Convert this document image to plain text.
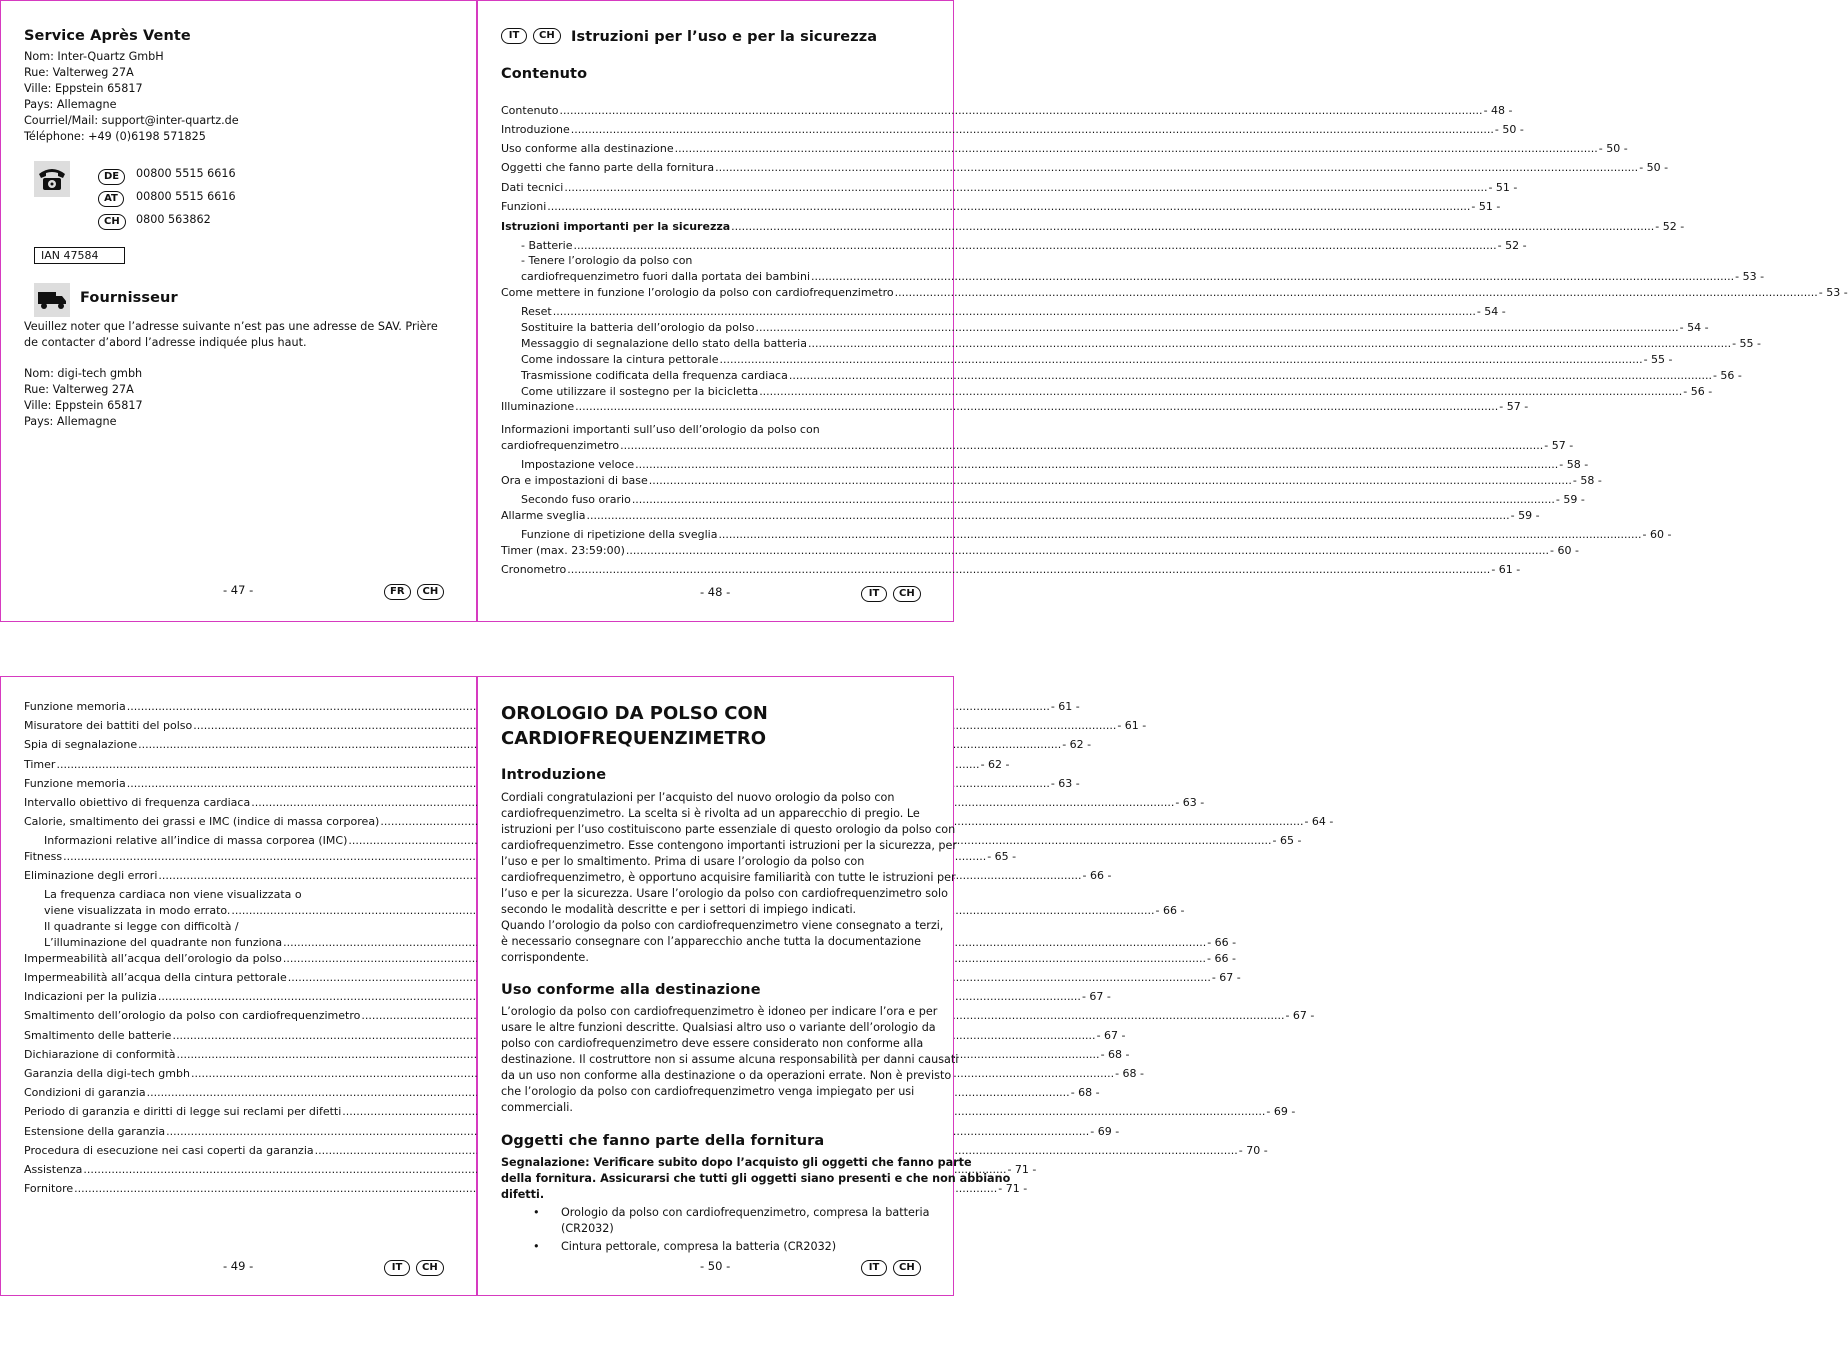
Service Après Vente
Nom: Inter-Quartz GmbH
Rue: Valterweg 27A
Ville: Eppstein 65817
Pays: Allemagne
Courriel/Mail: support@inter-quartz.de
Téléphone: +49 (0)6198 571825
DE 00800 5515 6616
AT 00800 5515 6616
CH 0800 563862
IAN 47584
Fournisseur
Veuillez noter que l’adresse suivante n’est pas une adresse de SAV. Prière de contacter d’abord l’adresse indiquée plus haut.
Nom: digi-tech gmbh
Rue: Valterweg 27A
Ville: Eppstein 65817
Pays: Allemagne
- 47 -	FR	CH
IT	CH	Istruzioni per l’uso e per la sicurezza
Contenuto
Contenuto .....	- 48 -
Introduzione .....	- 50 -
Uso conforme alla destinazione .....	- 50 -
Oggetti che fanno parte della fornitura .....	- 50 -
Dati tecnici .....	- 51 -
Funzioni .....	- 51 -
Istruzioni importanti per la sicurezza .....	- 52 -
- Batterie .....	- 52 -
- Tenere l’orologio da polso con
cardiofrequenzimetro fuori dalla portata dei bambini .....	- 53 -
Come mettere in funzione l’orologio da polso con cardiofrequenzimetro .....	- 53 -
Reset .....	- 54 -
Sostituire la batteria dell’orologio da polso .....	- 54 -
Messaggio di segnalazione dello stato della batteria .....	- 55 -
Come indossare la cintura pettorale .....	- 55 -
Trasmissione codificata della frequenza cardiaca .....	- 56 -
Come utilizzare il sostegno per la bicicletta .....	- 56 -
Illuminazione .....	- 57 -
Informazioni importanti sull’uso dell’orologio da polso con
cardiofrequenzimetro .....	- 57 -
Impostazione veloce .....	- 58 -
Ora e impostazioni di base .....	- 58 -
Secondo fuso orario .....	- 59 -
Allarme sveglia .....	- 59 -
Funzione di ripetizione della sveglia .....	- 60 -
Timer (max. 23:59:00) .....	- 60 -
Cronometro .....	- 61 -
- 48 -	IT	CH
Funzione memoria .....	- 61 -
Misuratore dei battiti del polso .....	- 61 -
Spia di segnalazione .....	- 62 -
Timer .....	- 62 -
Funzione memoria .....	- 63 -
Intervallo obiettivo di frequenza cardiaca .....	- 63 -
Calorie, smaltimento dei grassi e IMC (indice di massa corporea) .....	- 64 -
Informazioni relative all’indice di massa corporea (IMC) .....	- 65 -
Fitness .....	- 65 -
Eliminazione degli errori .....	- 66 -
La frequenza cardiaca non viene visualizzata o
viene visualizzata in modo errato. .....	- 66 -
Il quadrante si legge con difficoltà /
L’illuminazione del quadrante non funziona .....	- 66 -
Impermeabilità all’acqua dell’orologio da polso .....	- 66 -
Impermeabilità all’acqua della cintura pettorale .....	- 67 -
Indicazioni per la pulizia .....	- 67 -
Smaltimento dell’orologio da polso con cardiofrequenzimetro .....	- 67 -
Smaltimento delle batterie .....	- 67 -
Dichiarazione di conformità .....	- 68 -
Garanzia della digi-tech gmbh .....	- 68 -
Condizioni di garanzia .....	- 68 -
Periodo di garanzia e diritti di legge sui reclami per difetti .....	- 69 -
Estensione della garanzia .....	- 69 -
Procedura di esecuzione nei casi coperti da garanzia .....	- 70 -
Assistenza .....	- 71 -
Fornitore .....	- 71 -
- 49 -	IT	CH
OROLOGIO DA POLSO CON
CARDIOFREQUENZIMETRO
Introduzione
Cordiali congratulazioni per l’acquisto del nuovo orologio da polso con
cardiofrequenzimetro. La scelta si è rivolta ad un apparecchio di pregio. Le
istruzioni per l’uso costituiscono parte essenziale di questo orologio da polso con
cardiofrequenzimetro. Esse contengono importanti istruzioni per la sicurezza, per
l’uso e per lo smaltimento. Prima di usare l’orologio da polso con
cardiofrequenzimetro, è opportuno acquisire familiarità con tutte le istruzioni per
l’uso e per la sicurezza. Usare l’orologio da polso con cardiofrequenzimetro solo
secondo le modalità descritte e per i settori di impiego indicati.
Quando l’orologio da polso con cardiofrequenzimetro viene consegnato a terzi,
è necessario consegnare con l’apparecchio anche tutta la documentazione
corrispondente.
Uso conforme alla destinazione
L’orologio da polso con cardiofrequenzimetro è idoneo per indicare l’ora e per
usare le altre funzioni descritte. Qualsiasi altro uso o variante dell’orologio da
polso con cardiofrequenzimetro deve essere considerato non conforme alla
destinazione. Il costruttore non si assume alcuna responsabilità per danni causati
da un uso non conforme alla destinazione o da operazioni errate. Non è previsto
che l’orologio da polso con cardiofrequenzimetro venga impiegato per usi
commerciali.
Oggetti che fanno parte della fornitura
Segnalazione: Verificare subito dopo l’acquisto gli oggetti che fanno parte
della fornitura. Assicurarsi che tutti gli oggetti siano presenti e che non abbiano
difetti.
• Orologio da polso con cardiofrequenzimetro, compresa la batteria
(CR2032)
• Cintura pettorale, compresa la batteria (CR2032)
- 50 -	IT	CH
